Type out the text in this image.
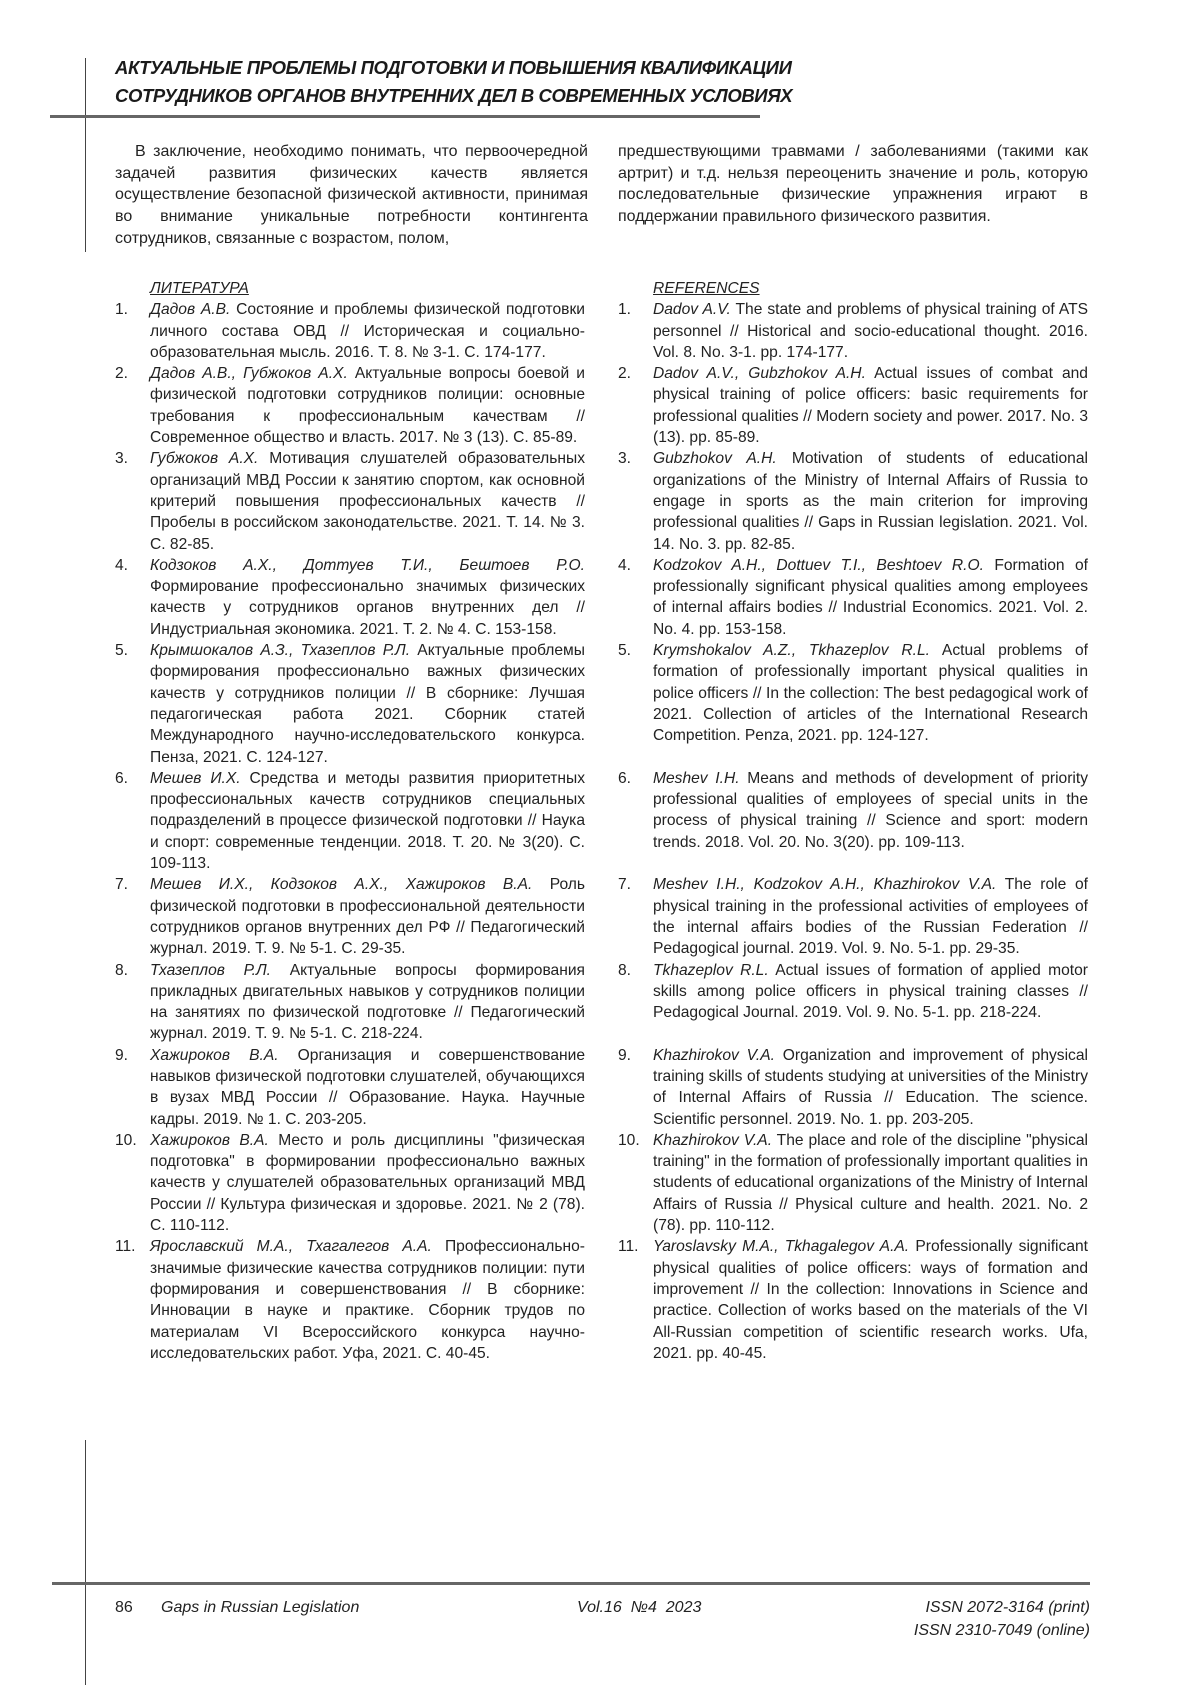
АКТУАЛЬНЫЕ ПРОБЛЕМЫ ПОДГОТОВКИ И ПОВЫШЕНИЯ КВАЛИФИКАЦИИ
СОТРУДНИКОВ ОРГАНОВ ВНУТРЕННИХ ДЕЛ В СОВРЕМЕННЫХ УСЛОВИЯХ

В заключение, необходимо понимать, что первоочередной задачей развития физических качеств является осуществление безопасной физической активности, принимая во внимание уникальные потребности контингента сотрудников, связанные с возрастом, полом,

предшествующими травмами / заболеваниями (такими как артрит) и т.д. нельзя переоценить значение и роль, которую последовательные физические упражнения играют в поддержании правильного физического развития.

ЛИТЕРАТУРА	REFERENCES
1.	Дадов А.В. Состояние и проблемы физической подготовки личного состава ОВД // Историческая и социально-образовательная мысль. 2016. Т. 8. № 3-1. С. 174-177.
1.	Dadov A.V. The state and problems of physical training of ATS personnel // Historical and socio-educational thought. 2016. Vol. 8. No. 3-1. pp. 174-177.
2.	Дадов А.В., Губжоков А.Х. Актуальные вопросы боевой и физической подготовки сотрудников полиции: основные требования к профессиональным качествам // Современное общество и власть. 2017. № 3 (13). С. 85-89.
2.	Dadov A.V., Gubzhokov A.H. Actual issues of combat and physical training of police officers: basic requirements for professional qualities // Modern society and power. 2017. No. 3 (13). pp. 85-89.
3.	Губжоков А.Х. Мотивация слушателей образовательных организаций МВД России к занятию спортом, как основной критерий повышения профессиональных качеств // Пробелы в российском законодательстве. 2021. Т. 14. № 3. С. 82-85.
3.	Gubzhokov A.H. Motivation of students of educational organizations of the Ministry of Internal Affairs of Russia to engage in sports as the main criterion for improving professional qualities // Gaps in Russian legislation. 2021. Vol. 14. No. 3. pp. 82-85.
4.	Кодзоков А.Х., Доттуев Т.И., Бештоев Р.О. Формирование профессионально значимых физических качеств у сотрудников органов внутренних дел // Индустриальная экономика. 2021. Т. 2. № 4. С. 153-158.
4.	Kodzokov A.H., Dottuev T.I., Beshtoev R.O. Formation of professionally significant physical qualities among employees of internal affairs bodies // Industrial Economics. 2021. Vol. 2. No. 4. pp. 153-158.
5.	Крымшокалов А.З., Тхазеплов Р.Л. Актуальные проблемы формирования профессионально важных физических качеств у сотрудников полиции // В сборнике: Лучшая педагогическая работа 2021. Сборник статей Международного научно-исследовательского конкурса. Пенза, 2021. С. 124-127.
5.	Krymshokalov A.Z., Tkhazeplov R.L. Actual problems of formation of professionally important physical qualities in police officers // In the collection: The best pedagogical work of 2021. Collection of articles of the International Research Competition. Penza, 2021. pp. 124-127.
6.	Мешев И.Х. Средства и методы развития приоритетных профессиональных качеств сотрудников специальных подразделений в процессе физической подготовки // Наука и спорт: современные тенденции. 2018. Т. 20. № 3(20). С. 109-113.
6.	Meshev I.H. Means and methods of development of priority professional qualities of employees of special units in the process of physical training // Science and sport: modern trends. 2018. Vol. 20. No. 3(20). pp. 109-113.
7.	Мешев И.Х., Кодзоков А.Х., Хажироков В.А. Роль физической подготовки в профессиональной деятельности сотрудников органов внутренних дел РФ // Педагогический журнал. 2019. Т. 9. № 5-1. С. 29-35.
7.	Meshev I.H., Kodzokov A.H., Khazhirokov V.A. The role of physical training in the professional activities of employees of the internal affairs bodies of the Russian Federation // Pedagogical journal. 2019. Vol. 9. No. 5-1. pp. 29-35.
8.	Тхазеплов Р.Л. Актуальные вопросы формирования прикладных двигательных навыков у сотрудников полиции на занятиях по физической подготовке // Педагогический журнал. 2019. Т. 9. № 5-1. С. 218-224.
8.	Tkhazeplov R.L. Actual issues of formation of applied motor skills among police officers in physical training classes // Pedagogical Journal. 2019. Vol. 9. No. 5-1. pp. 218-224.
9.	Хажироков В.А. Организация и совершенствование навыков физической подготовки слушателей, обучающихся в вузах МВД России // Образование. Наука. Научные кадры. 2019. № 1. С. 203-205.
9.	Khazhirokov V.A. Organization and improvement of physical training skills of students studying at universities of the Ministry of Internal Affairs of Russia // Education. The science. Scientific personnel. 2019. No. 1. pp. 203-205.
10. Хажироков В.А. Место и роль дисциплины "физическая подготовка" в формировании профессионально важных качеств у слушателей образовательных организаций МВД России // Культура физическая и здоровье. 2021. № 2 (78). С. 110-112.
10. Khazhirokov V.A. The place and role of the discipline "physical training" in the formation of professionally important qualities in students of educational organizations of the Ministry of Internal Affairs of Russia // Physical culture and health. 2021. No. 2 (78). pp. 110-112.
11. Ярославский М.А., Тхагалегов А.А. Профессионально-значимые физические качества сотрудников полиции: пути формирования и совершенствования // В сборнике: Инновации в науке и практике. Сборник трудов по материалам VI Всероссийского конкурса научно-исследовательских работ. Уфа, 2021. С. 40-45.
11. Yaroslavsky M.A., Tkhagalegov A.A. Professionally significant physical qualities of police officers: ways of formation and improvement // In the collection: Innovations in Science and practice. Collection of works based on the materials of the VI All-Russian competition of scientific research works. Ufa, 2021. pp. 40-45.
86 Gaps in Russian Legislation	Vol.16  №4  2023	ISSN 2072-3164 (print)
ISSN 2310-7049 (online)
